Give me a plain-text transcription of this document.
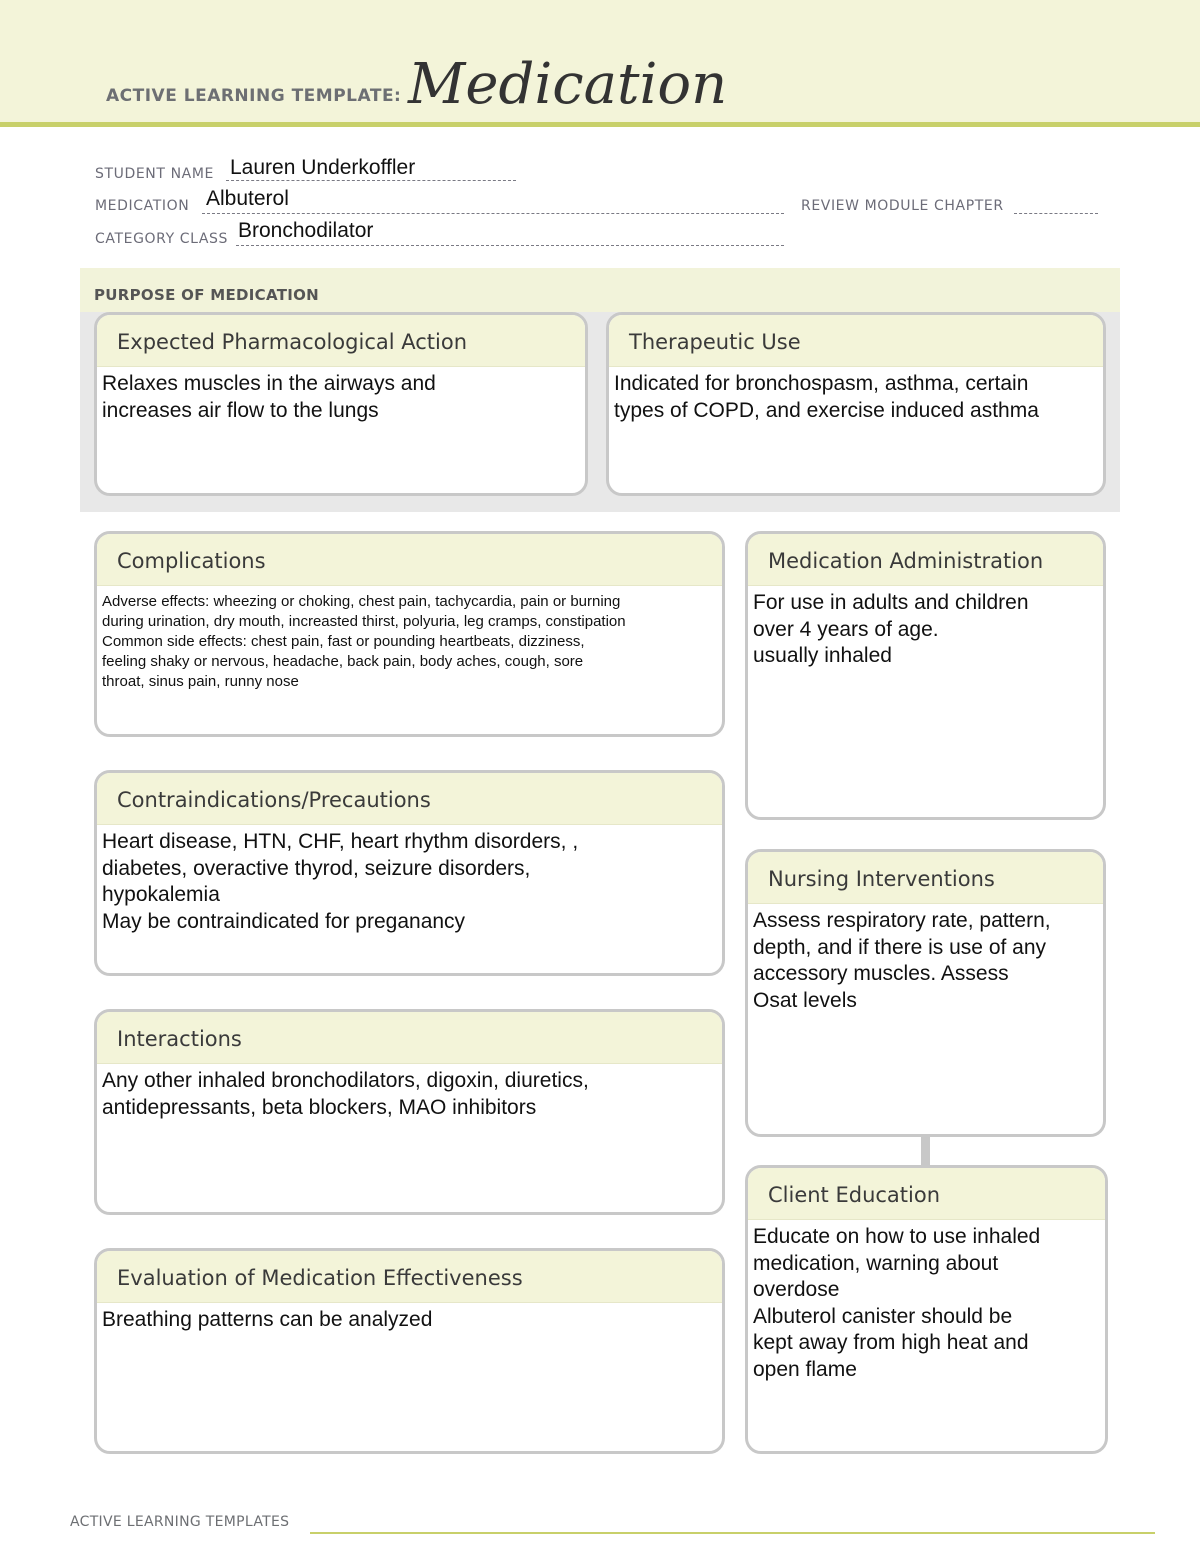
ACTIVE LEARNING TEMPLATE: Medication
STUDENT NAME Lauren Underkoffler
MEDICATION Albuterol	REVIEW MODULE CHAPTER
CATEGORY CLASS Bronchodilator
PURPOSE OF MEDICATION
Expected Pharmacological Action
Relaxes muscles in the airways and
increases air flow to the lungs
Therapeutic Use
Indicated for bronchospasm, asthma, certain
types of COPD, and exercise induced asthma
Complications
Adverse effects: wheezing or choking, chest pain, tachycardia, pain or burning
during urination, dry mouth, increasted thirst, polyuria, leg cramps, constipation
Common side effects: chest pain, fast or pounding heartbeats, dizziness,
feeling shaky or nervous, headache, back pain, body aches, cough, sore
throat, sinus pain, runny nose
Contraindications/Precautions
Heart disease, HTN, CHF, heart rhythm disorders, ,
diabetes, overactive thyrod, seizure disorders,
hypokalemia
May be contraindicated for preganancy
Interactions
Any other inhaled bronchodilators, digoxin, diuretics,
antidepressants, beta blockers, MAO inhibitors
Evaluation of Medication Effectiveness
Breathing patterns can be analyzed
Medication Administration
For use in adults and children
over 4 years of age.
usually inhaled
Nursing Interventions
Assess respiratory rate, pattern,
depth, and if there is use of any
accessory muscles. Assess
Osat levels
Client Education
Educate on how to use inhaled
medication, warning about
overdose
Albuterol canister should be
kept away from high heat and
open flame
ACTIVE LEARNING TEMPLATES
